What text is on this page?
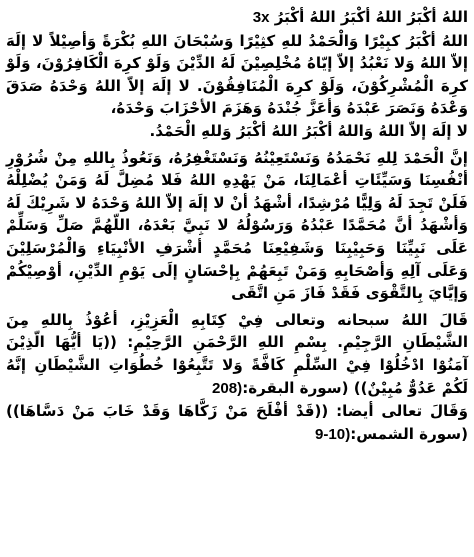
اللهُ أكْبَرُ اللهُ أكْبَرُ اللهُ أكْبَرُ 3x

اللهُ أكْبَرُ كبِيْرًا وَالْحَمْدُ للهِ كثِيْرًا وَسُبْحَانَ اللهِ بُكْرَةً وَأصِيْلاً لا إلَهَ إلاّ اللهُ وَلا نَعْبُدُ إلاّ إيّاهُ مُخْلِصِيْنَ لَهُ الدِّيْنَ وَلَوْ كرِهَ الْكَافِرُوْنَ، وَلَوْ كرِهَ الْمُشْرِكُوْنَ، وَلَوْ كرِهَ الْمُنَافِقُوْنَ. لا إلَهَ إلاّ اللهُ وَحْدَهُ صَدَقَ وَعْدَهُ وَنَصَرَ عَبْدَهُ وَأعَزَّ جُنْدَهُ وَهَزَمَ الأحْزَابَ وَحْدَهُ،

لا إلَهَ إلاّ اللهُ وَاللهُ أكْبَرُ اللهُ أكْبَرُ وَللهِ الْحَمْدُ.

إنَّ الْحَمْدَ لِلهِ نَحْمَدُهُ وَنَسْتَعِيْنُهُ وَنَسْتَغْفِرُهُ، وَنَعُوذُ بِاللهِ مِنْ شُرُوْرِ أنْفُسِنَا وَسَيِّئَاتِ أعْمَالِنَا، مَنْ يَهْدِهِ اللهُ فَلا مُضِلَّ لَهُ وَمَنْ يُضْلِلْهُ فَلَنْ تَجِدَ لَهُ وَلِيًّا مُرْشِدًا، أشْهَدُ أنْ لا إلَهَ إلاّ اللهُ وَحْدَهُ لا شَرِيْكَ لَهُ وَأشْهَدُ أنَّ مُحَمَّدًا عَبْدُهُ وَرَسُوْلُهُ لا نَبِيَّ بَعْدَهُ، اللّهُمَّ صَلِّ وَسَلِّمْ عَلَى نَبِيِّنَا وَحَبِيْبِنَا وَشَفِيْعِنَا مُحَمَّدٍ أشْرَفِ الأنْبِيَاءِ وَالْمُرْسَلِيْنَ وَعَلَى آلِهِ وَأصْحَابِهِ وَمَنْ تَبِعَهُمْ بِإحْسَانٍ إلَى يَوْمِ الدِّيْنِ، أوْصِيْكُمْ وَإيَّايَ بِالتَّقْوَى فَقَدْ فَازَ مَنِ اتَّقَى

قَالَ اللهُ سبحانه وتعالى فِيْ كِتَابِهِ الْعَزِيْزِ، أعُوْذُ بِاللهِ مِنَ الشَّيْطَانِ الرَّجِيْمِ. بِسْمِ اللهِ الرَّحْمَنِ الرَّحِيْمِ: ((يَا أيُّهَا الّذِيْنَ آمَنُوْا ادْخُلُوْا فِيْ السِّلْمِ كَافَّةً وَلا تَتَّبِعُوْا خُطُوَاتِ الشَّيْطَانِ إنَّهُ لَكُمْ عَدُوٌّ مُبِيْنٌ)) (سورة البقرة:208)

وَقَالَ تعالى أيضا: ((قَدْ أفْلَحَ مَنْ زَكَّاهَا وَقَدْ خَابَ مَنْ دَسَّاهَا)) (سورة الشمس:9-10)
